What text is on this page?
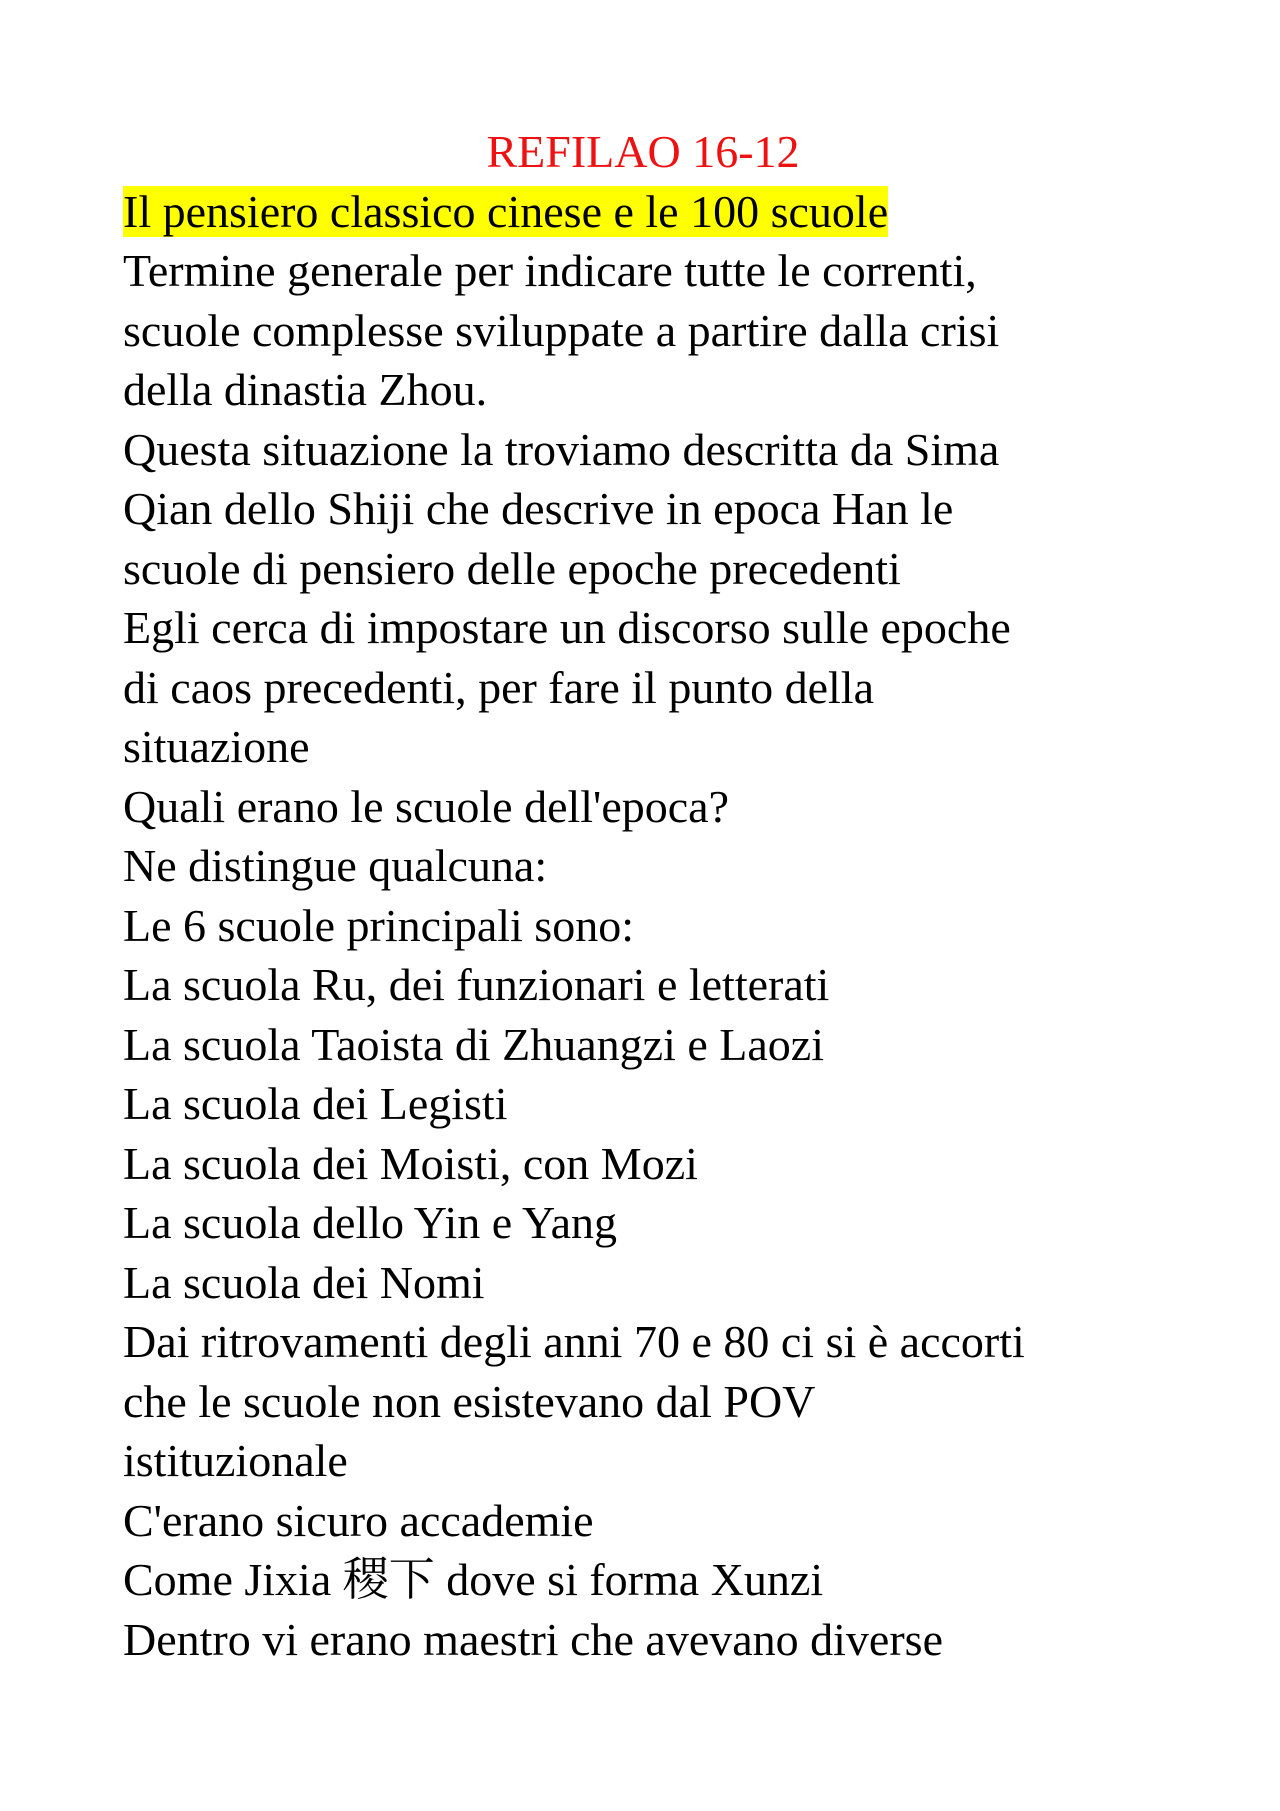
REFILAO 16-12
Il pensiero classico cinese e le 100 scuole
Termine generale per indicare tutte le correnti,
scuole complesse sviluppate a partire dalla crisi
della dinastia Zhou.
Questa situazione la troviamo descritta da Sima
Qian dello Shiji che descrive in epoca Han le
scuole di pensiero delle epoche precedenti
Egli cerca di impostare un discorso sulle epoche
di caos precedenti, per fare il punto della
situazione
Quali erano le scuole dell'epoca?
Ne distingue qualcuna:
Le 6 scuole principali sono:
La scuola Ru, dei funzionari e letterati
La scuola Taoista di Zhuangzi e Laozi
La scuola dei Legisti
La scuola dei Moisti, con Mozi
La scuola dello Yin e Yang
La scuola dei Nomi
Dai ritrovamenti degli anni 70 e 80 ci si è accorti
che le scuole non esistevano dal POV
istituzionale
C'erano sicuro accademie
Come Jixia 稷下 dove si forma Xunzi
Dentro vi erano maestri che avevano diverse
